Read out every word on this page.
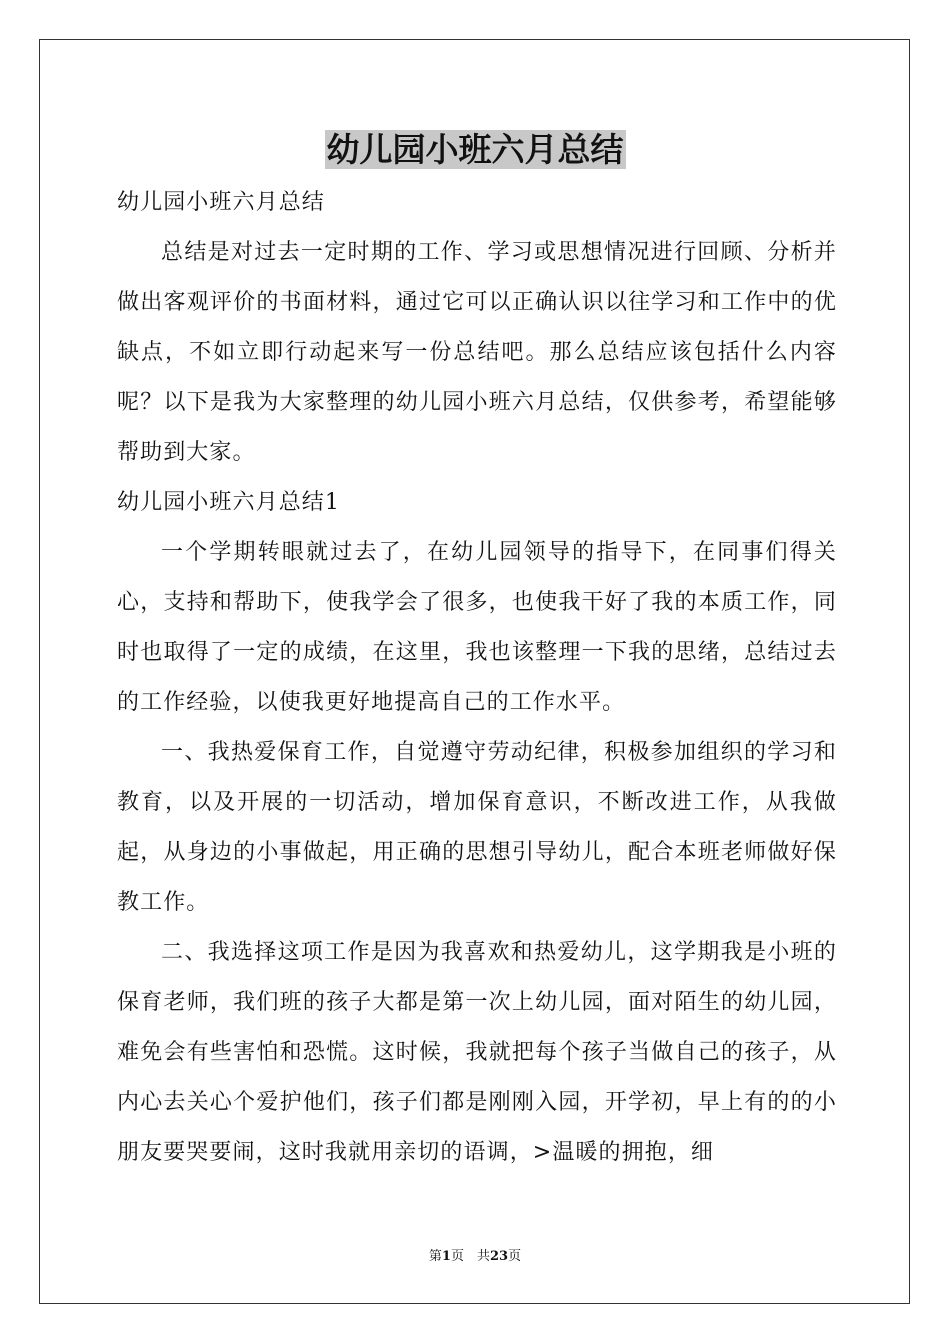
幼儿园小班六月总结

幼儿园小班六月总结

总结是对过去一定时期的工作、学习或思想情况进行回顾、分析并做出客观评价的书面材料，通过它可以正确认识以往学习和工作中的优缺点，不如立即行动起来写一份总结吧。那么总结应该包括什么内容呢？以下是我为大家整理的幼儿园小班六月总结，仅供参考，希望能够帮助到大家。

幼儿园小班六月总结1

一个学期转眼就过去了，在幼儿园领导的指导下，在同事们得关心，支持和帮助下，使我学会了很多，也使我干好了我的本质工作，同时也取得了一定的成绩，在这里，我也该整理一下我的思绪，总结过去的工作经验，以使我更好地提高自己的工作水平。

一、我热爱保育工作，自觉遵守劳动纪律，积极参加组织的学习和教育，以及开展的一切活动，增加保育意识，不断改进工作，从我做起，从身边的小事做起，用正确的思想引导幼儿，配合本班老师做好保教工作。

二、我选择这项工作是因为我喜欢和热爱幼儿，这学期我是小班的保育老师，我们班的孩子大都是第一次上幼儿园，面对陌生的幼儿园，难免会有些害怕和恐慌。这时候，我就把每个孩子当做自己的孩子，从内心去关心个爱护他们，孩子们都是刚刚入园，开学初，早上有的的小朋友要哭要闹，这时我就用亲切的语调，>温暖的拥抱，细

第1页　共23页
